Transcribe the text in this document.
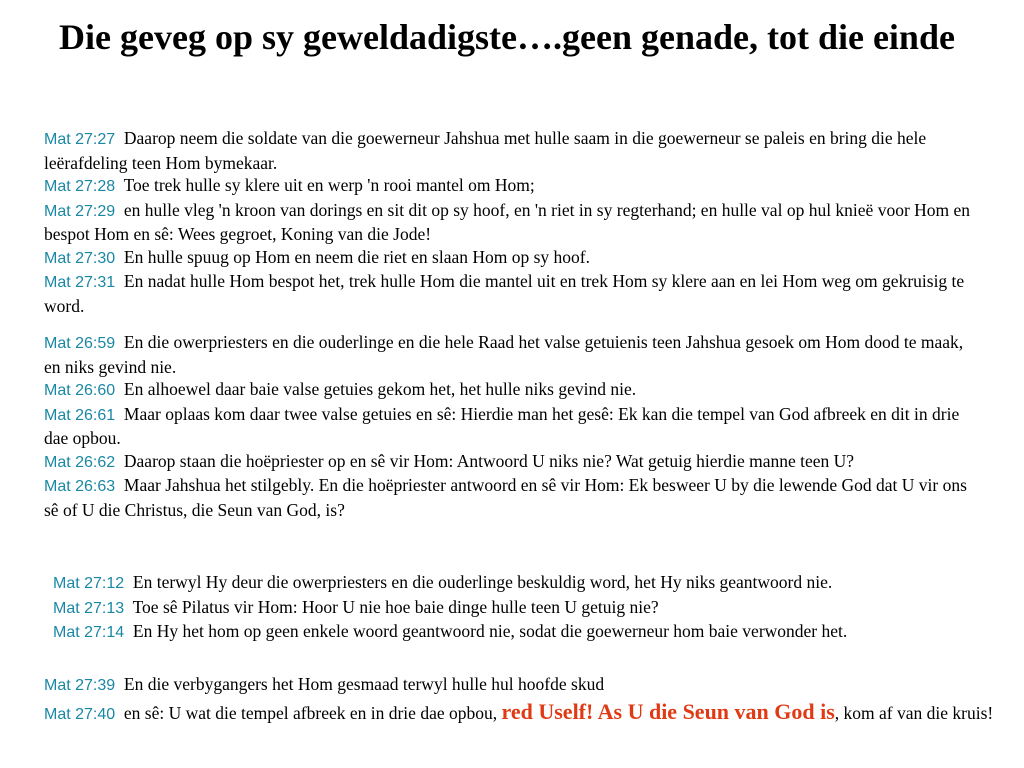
Die geveg op sy geweldadigste….geen genade, tot die einde
Mat 27:27 Daarop neem die soldate van die goewerneur Jahshua met hulle saam in die goewerneur se paleis en bring die hele leërafdeling teen Hom bymekaar.
Mat 27:28 Toe trek hulle sy klere uit en werp 'n rooi mantel om Hom;
Mat 27:29 en hulle vleg 'n kroon van dorings en sit dit op sy hoof, en 'n riet in sy regterhand; en hulle val op hul knieë voor Hom en bespot Hom en sê: Wees gegroet, Koning van die Jode!
Mat 27:30 En hulle spuug op Hom en neem die riet en slaan Hom op sy hoof.
Mat 27:31 En nadat hulle Hom bespot het, trek hulle Hom die mantel uit en trek Hom sy klere aan en lei Hom weg om gekruisig te word.
Mat 26:59 En die owerpriesters en die ouderlinge en die hele Raad het valse getuienis teen Jahshua gesoek om Hom dood te maak, en niks gevind nie.
Mat 26:60 En alhoewel daar baie valse getuies gekom het, het hulle niks gevind nie.
Mat 26:61 Maar oplaas kom daar twee valse getuies en sê: Hierdie man het gesê: Ek kan die tempel van God afbreek en dit in drie dae opbou.
Mat 26:62 Daarop staan die hoëpriester op en sê vir Hom: Antwoord U niks nie? Wat getuig hierdie manne teen U?
Mat 26:63 Maar Jahshua het stilgebly. En die hoëpriester antwoord en sê vir Hom: Ek besweer U by die lewende God dat U vir ons sê of U die Christus, die Seun van God, is?
Mat 27:12 En terwyl Hy deur die owerpriesters en die ouderlinge beskuldig word, het Hy niks geantwoord nie.
Mat 27:13 Toe sê Pilatus vir Hom: Hoor U nie hoe baie dinge hulle teen U getuig nie?
Mat 27:14 En Hy het hom op geen enkele woord geantwoord nie, sodat die goewerneur hom baie verwonder het.
Mat 27:39 En die verbygangers het Hom gesmaad terwyl hulle hul hoofde skud
Mat 27:40 en sê: U wat die tempel afbreek en in drie dae opbou, red Uself! As U die Seun van God is, kom af van die kruis!
